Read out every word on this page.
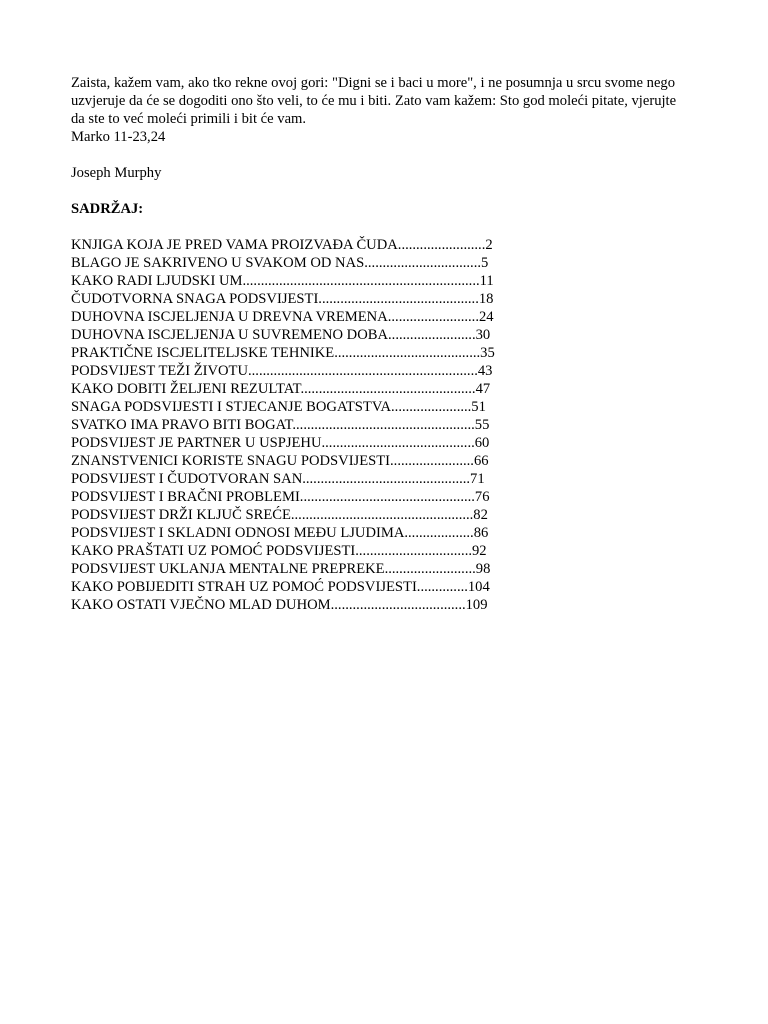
Zaista, kažem vam, ako tko rekne ovoj gori: "Digni se i baci u more", i ne posumnja u srcu svome nego
uzvjeruje da će se dogoditi ono što veli, to će mu i biti. Zato vam kažem: Sto god moleći pitate, vjerujte
da ste to već moleći primili i bit će vam.
Marko 11-23,24
Joseph Murphy
SADRŽAJ:
KNJIGA KOJA JE PRED VAMA PROIZVAĐA ČUDA........................2
BLAGO JE SAKRIVENO U SVAKOM OD NAS................................5
KAKO RADI LJUDSKI UM.................................................................11
ČUDOTVORNA SNAGA PODSVIJESTI............................................18
DUHOVNA ISCJELJENJA U DREVNA VREMENA.........................24
DUHOVNA ISCJELJENJA U SUVREMENO DOBA........................30
PRAKTIČNE ISCJELITELJSKE TEHNIKE........................................35
PODSVIJEST TEŽI ŽIVOTU...............................................................43
KAKO DOBITI ŽELJENI REZULTAT................................................47
SNAGA PODSVIJESTI I STJECANJE BOGATSTVA......................51
SVATKO IMA PRAVO BITI BOGAT..................................................55
PODSVIJEST JE PARTNER U USPJEHU..........................................60
ZNANSTVENICI KORISTE SNAGU PODSVIJESTI.......................66
PODSVIJEST I ČUDOTVORAN SAN..............................................71
PODSVIJEST I BRAČNI PROBLEMI................................................76
PODSVIJEST DRŽI KLJUČ SREĆE..................................................82
PODSVIJEST I SKLADNI ODNOSI MEĐU LJUDIMA...................86
KAKO PRAŠTATI UZ POMOĆ PODSVIJESTI................................92
PODSVIJEST UKLANJA MENTALNE PREPREKE.........................98
KAKO POBIJEDITI STRAH UZ POMOĆ PODSVIJESTI..............104
KAKO OSTATI VJEČNO MLAD DUHOM.....................................109
